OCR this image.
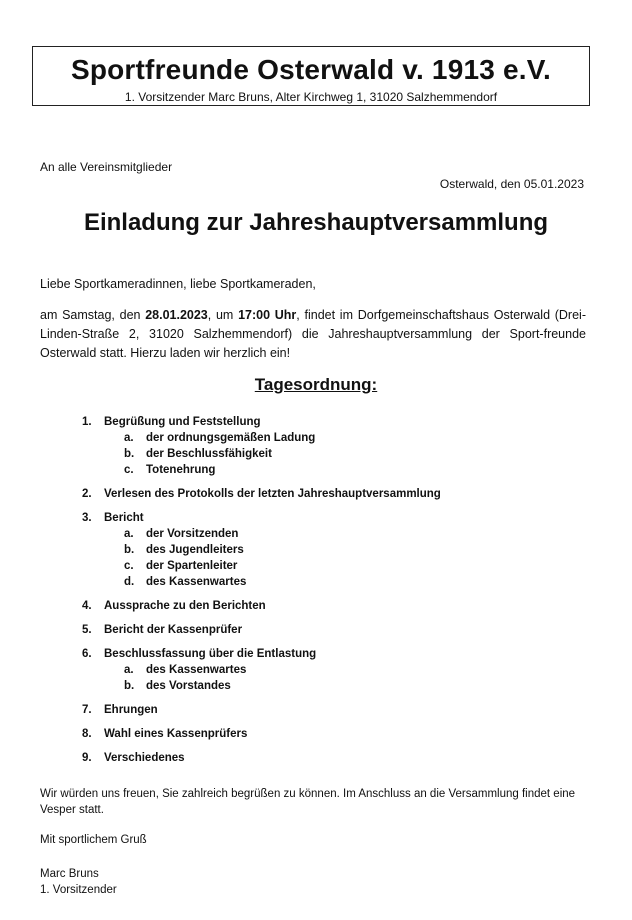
Sportfreunde Osterwald v. 1913 e.V.
1. Vorsitzender Marc Bruns, Alter Kirchweg 1, 31020 Salzhemmendorf
An alle Vereinsmitglieder
Osterwald, den 05.01.2023
Einladung zur Jahreshauptversammlung
Liebe Sportkameradinnen, liebe Sportkameraden,
am Samstag, den 28.01.2023, um 17:00 Uhr, findet im Dorfgemeinschaftshaus Osterwald (Drei-Linden-Straße 2, 31020 Salzhemmendorf) die Jahreshauptversammlung der Sport-freunde Osterwald statt. Hierzu laden wir herzlich ein!
Tagesordnung:
1.	Begrüßung und Feststellung
a. der ordnungsgemäßen Ladung
b. der Beschlussfähigkeit
c. Totenehrung
2.	Verlesen des Protokolls der letzten Jahreshauptversammlung
3.	Bericht
a. der Vorsitzenden
b. des Jugendleiters
c. der Spartenleiter
d. des Kassenwartes
4.	Aussprache zu den Berichten
5.	Bericht der Kassenprüfer
6.	Beschlussfassung über die Entlastung
a. des Kassenwartes
b. des Vorstandes
7.	Ehrungen
8.	Wahl eines Kassenprüfers
9.	Verschiedenes
Wir würden uns freuen, Sie zahlreich begrüßen zu können. Im Anschluss an die Versammlung findet eine Vesper statt.
Mit sportlichem Gruß
Marc Bruns
1. Vorsitzender
